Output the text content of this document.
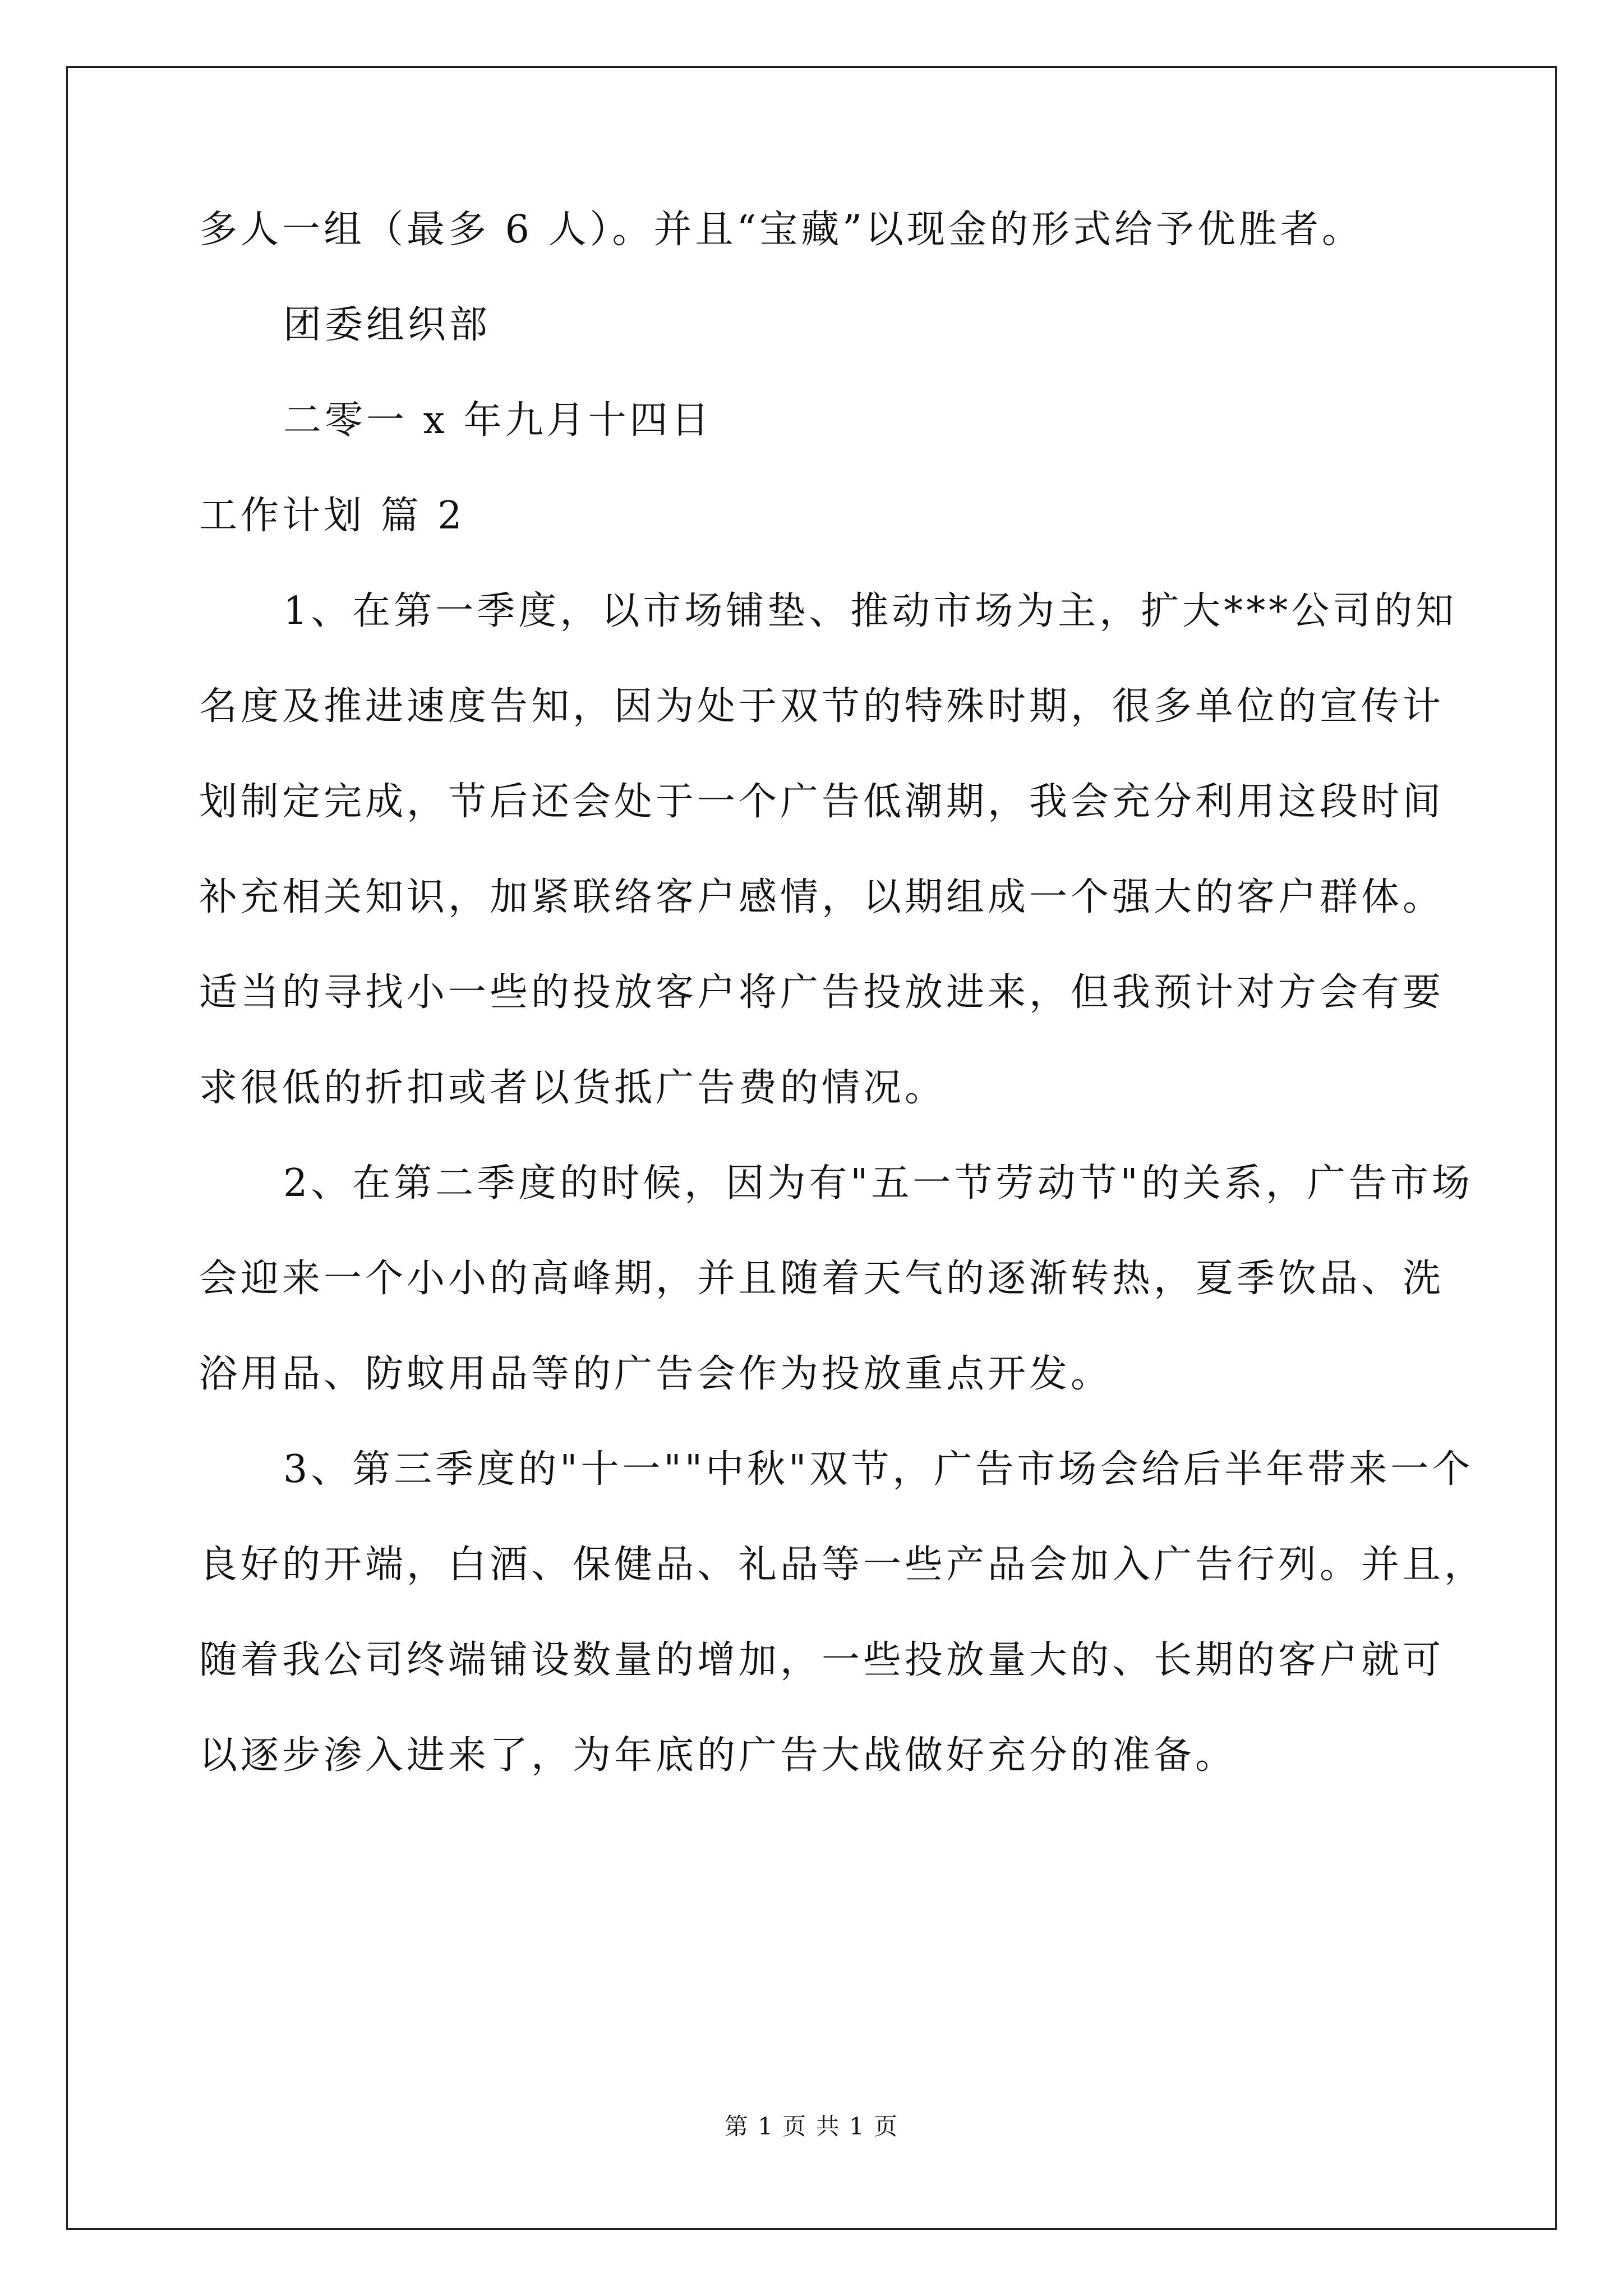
多人一组（最多 6 人）。并且“宝藏”以现金的形式给予优胜者。
团委组织部
二零一 x 年九月十四日
工作计划 篇 2
1、在第一季度，以市场铺垫、推动市场为主，扩大***公司的知
名度及推进速度告知，因为处于双节的特殊时期，很多单位的宣传计
划制定完成，节后还会处于一个广告低潮期，我会充分利用这段时间
补充相关知识，加紧联络客户感情，以期组成一个强大的客户群体。
适当的寻找小一些的投放客户将广告投放进来，但我预计对方会有要
求很低的折扣或者以货抵广告费的情况。
2、在第二季度的时候，因为有"五一节劳动节"的关系，广告市场
会迎来一个小小的高峰期，并且随着天气的逐渐转热，夏季饮品、洗
浴用品、防蚊用品等的广告会作为投放重点开发。
3、第三季度的"十一""中秋"双节，广告市场会给后半年带来一个
良好的开端，白酒、保健品、礼品等一些产品会加入广告行列。并且，
随着我公司终端铺设数量的增加，一些投放量大的、长期的客户就可
以逐步渗入进来了，为年底的广告大战做好充分的准备。
第 1 页 共 1 页
